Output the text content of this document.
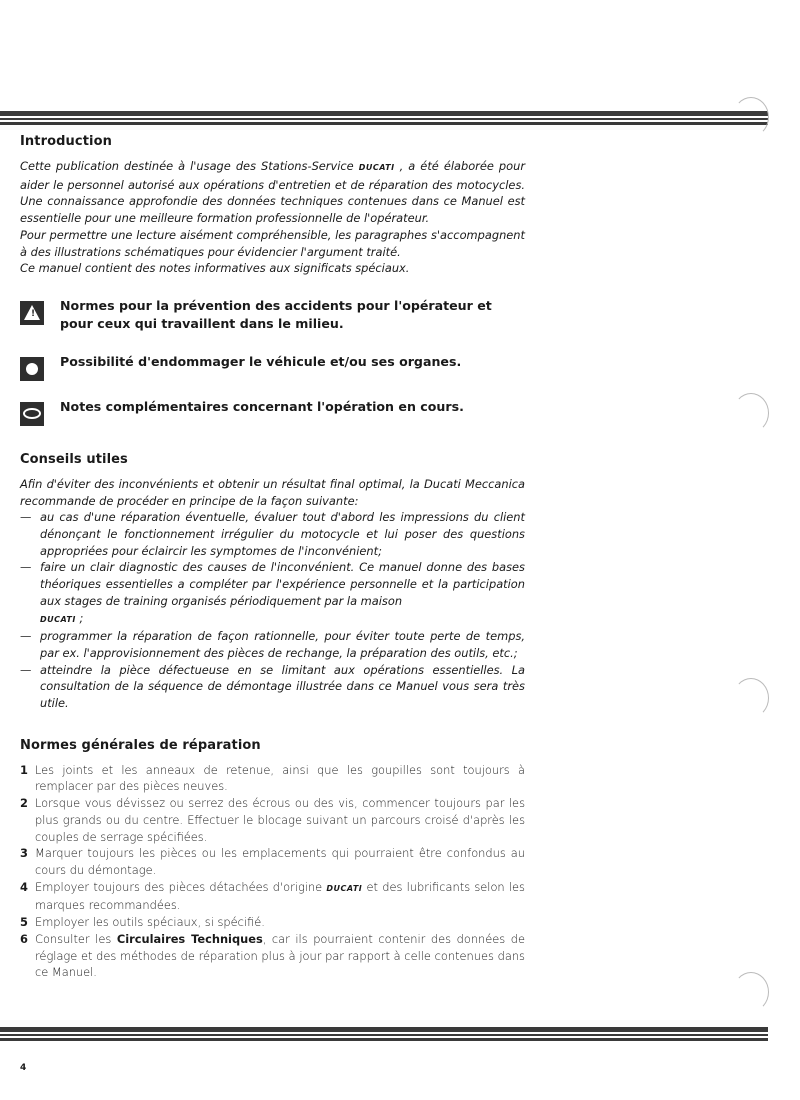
Introduction

Cette publication destinée à l'usage des Stations-Service DUCATI , a été élaborée pour aider le personnel autorisé aux opérations d'entretien et de réparation des motocycles. Une connaissance approfondie des données techniques contenues dans ce Manuel est essentielle pour une meilleure formation professionnelle de l'opérateur.

Pour permettre une lecture aisément compréhensible, les paragraphes s'accompagnent à des illustrations schématiques pour évidencier l'argument traité.

Ce manuel contient des notes informatives aux significats spéciaux.

!
Normes pour la prévention des accidents pour l'opérateur et pour ceux qui travaillent dans le milieu.
Possibilité d'endommager le véhicule et/ou ses organes.
Notes complémentaires concernant l'opération en cours.
Conseils utiles

Afin d'éviter des inconvénients et obtenir un résultat final optimal, la Ducati Meccanica recommande de procéder en principe de la façon suivante:

— au cas d'une réparation éventuelle, évaluer tout d'abord les impressions du client dénonçant le fonctionnement irrégulier du motocycle et lui poser des questions appropriées pour éclaircir les symptomes de l'inconvénient;
— faire un clair diagnostic des causes de l'inconvénient. Ce manuel donne des bases théoriques essentielles a compléter par l'expérience personnelle et la participation aux stages de training organisés périodiquement par la maison
DUCATI ;
— programmer la réparation de façon rationnelle, pour éviter toute perte de temps, par ex. l'approvisionnement des pièces de rechange, la préparation des outils, etc.;
— atteindre la pièce défectueuse en se limitant aux opérations essentielles. La consultation de la séquence de démontage illustrée dans ce Manuel vous sera très utile.
Normes générales de réparation
1 Les joints et les anneaux de retenue, ainsi que les goupilles sont toujours à remplacer par des pièces neuves.
2 Lorsque vous dévissez ou serrez des écrous ou des vis, commencer toujours par les plus grands ou du centre. Effectuer le blocage suivant un parcours croisé d'après les couples de serrage spécifiées.
3 Marquer toujours les pièces ou les emplacements qui pourraient être confondus au cours du démontage.
4 Employer toujours des pièces détachées d'origine DUCATI et des lubrificants selon les marques recommandées.
5 Employer les outils spéciaux, si spécifié.
6 Consulter les Circulaires Techniques, car ils pourraient contenir des données de réglage et des méthodes de réparation plus à jour par rapport à celle contenues dans ce Manuel.
4
